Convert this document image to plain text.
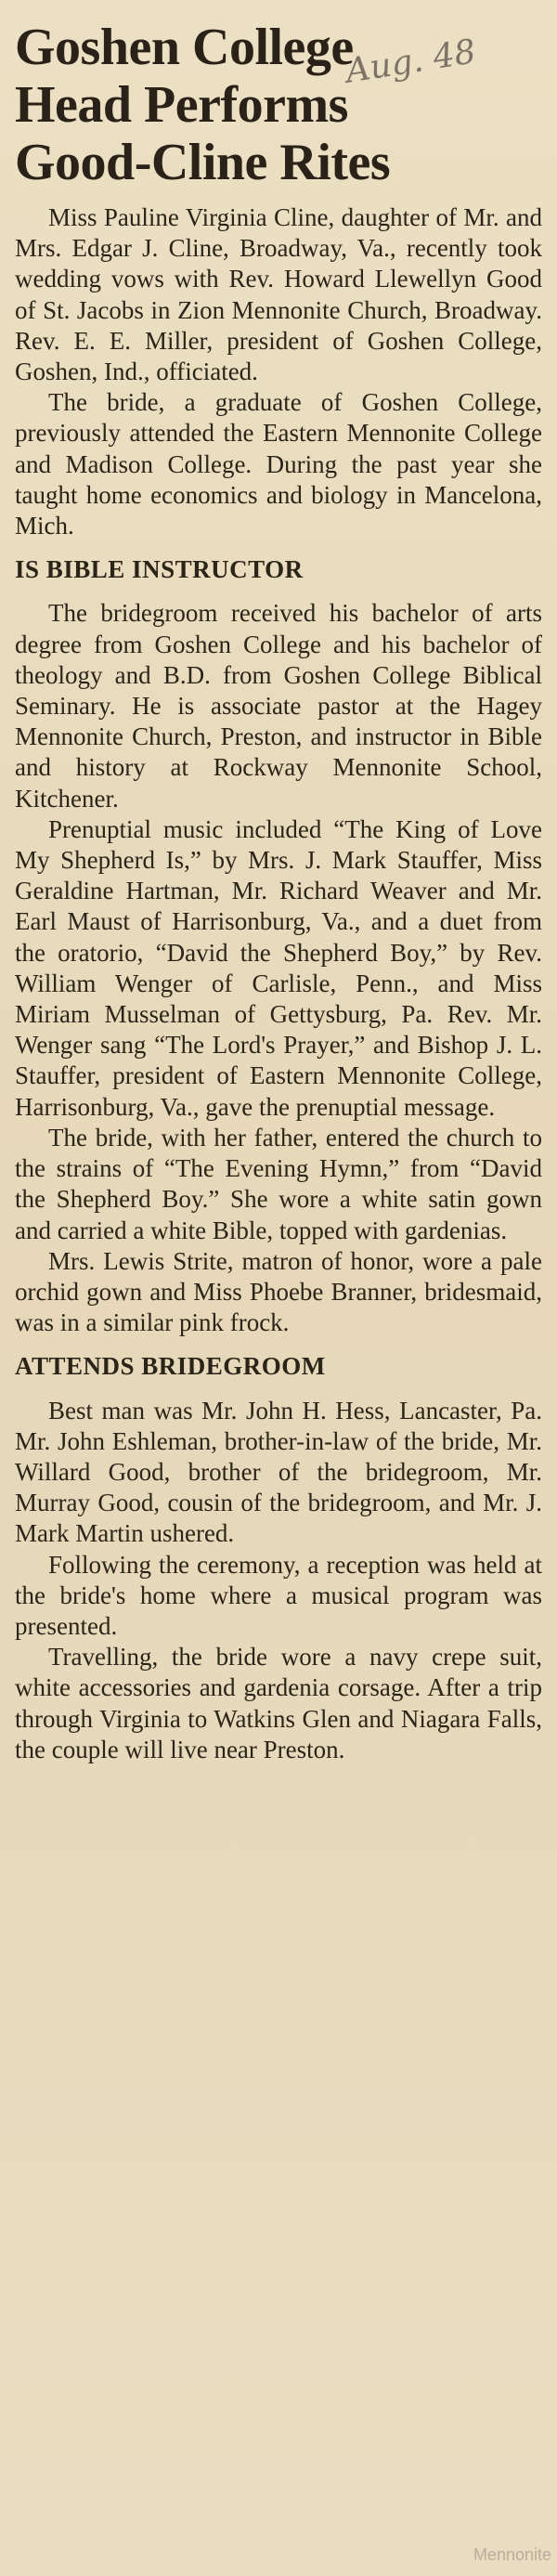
Goshen College
Head Performs
Good-Cline Rites
Aug. 48

Miss Pauline Virginia Cline, daughter of Mr. and Mrs. Edgar J. Cline, Broadway, Va., recently took wedding vows with Rev. Howard Llewellyn Good of St. Jacobs in Zion Mennonite Church, Broadway. Rev. E. E. Miller, president of Goshen College, Goshen, Ind., officiated.

The bride, a graduate of Goshen College, previously attended the Eastern Mennonite College and Madison College. During the past year she taught home economics and biology in Mancelona, Mich.

IS BIBLE INSTRUCTOR

The bridegroom received his bachelor of arts degree from Goshen College and his bachelor of theology and B.D. from Goshen College Biblical Seminary. He is associate pastor at the Hagey Mennonite Church, Preston, and instructor in Bible and history at Rockway Mennonite School, Kitchener.

Prenuptial music included “The King of Love My Shepherd Is,” by Mrs. J. Mark Stauffer, Miss Geraldine Hartman, Mr. Richard Weaver and Mr. Earl Maust of Harrisonburg, Va., and a duet from the oratorio, “David the Shepherd Boy,” by Rev. William Wenger of Carlisle, Penn., and Miss Miriam Musselman of Gettysburg, Pa. Rev. Mr. Wenger sang “The Lord's Prayer,” and Bishop J. L. Stauffer, president of Eastern Mennonite College, Harrisonburg, Va., gave the prenuptial message.

The bride, with her father, entered the church to the strains of “The Evening Hymn,” from “David the Shepherd Boy.” She wore a white satin gown and carried a white Bible, topped with gardenias.

Mrs. Lewis Strite, matron of honor, wore a pale orchid gown and Miss Phoebe Branner, bridesmaid, was in a similar pink frock.

ATTENDS BRIDEGROOM

Best man was Mr. John H. Hess, Lancaster, Pa. Mr. John Eshleman, brother-in-law of the bride, Mr. Willard Good, brother of the bridegroom, Mr. Murray Good, cousin of the bridegroom, and Mr. J. Mark Martin ushered.

Following the ceremony, a reception was held at the bride's home where a musical program was presented.

Travelling, the bride wore a navy crepe suit, white accessories and gardenia corsage. After a trip through Virginia to Watkins Glen and Niagara Falls, the couple will live near Preston.

Mennonite
